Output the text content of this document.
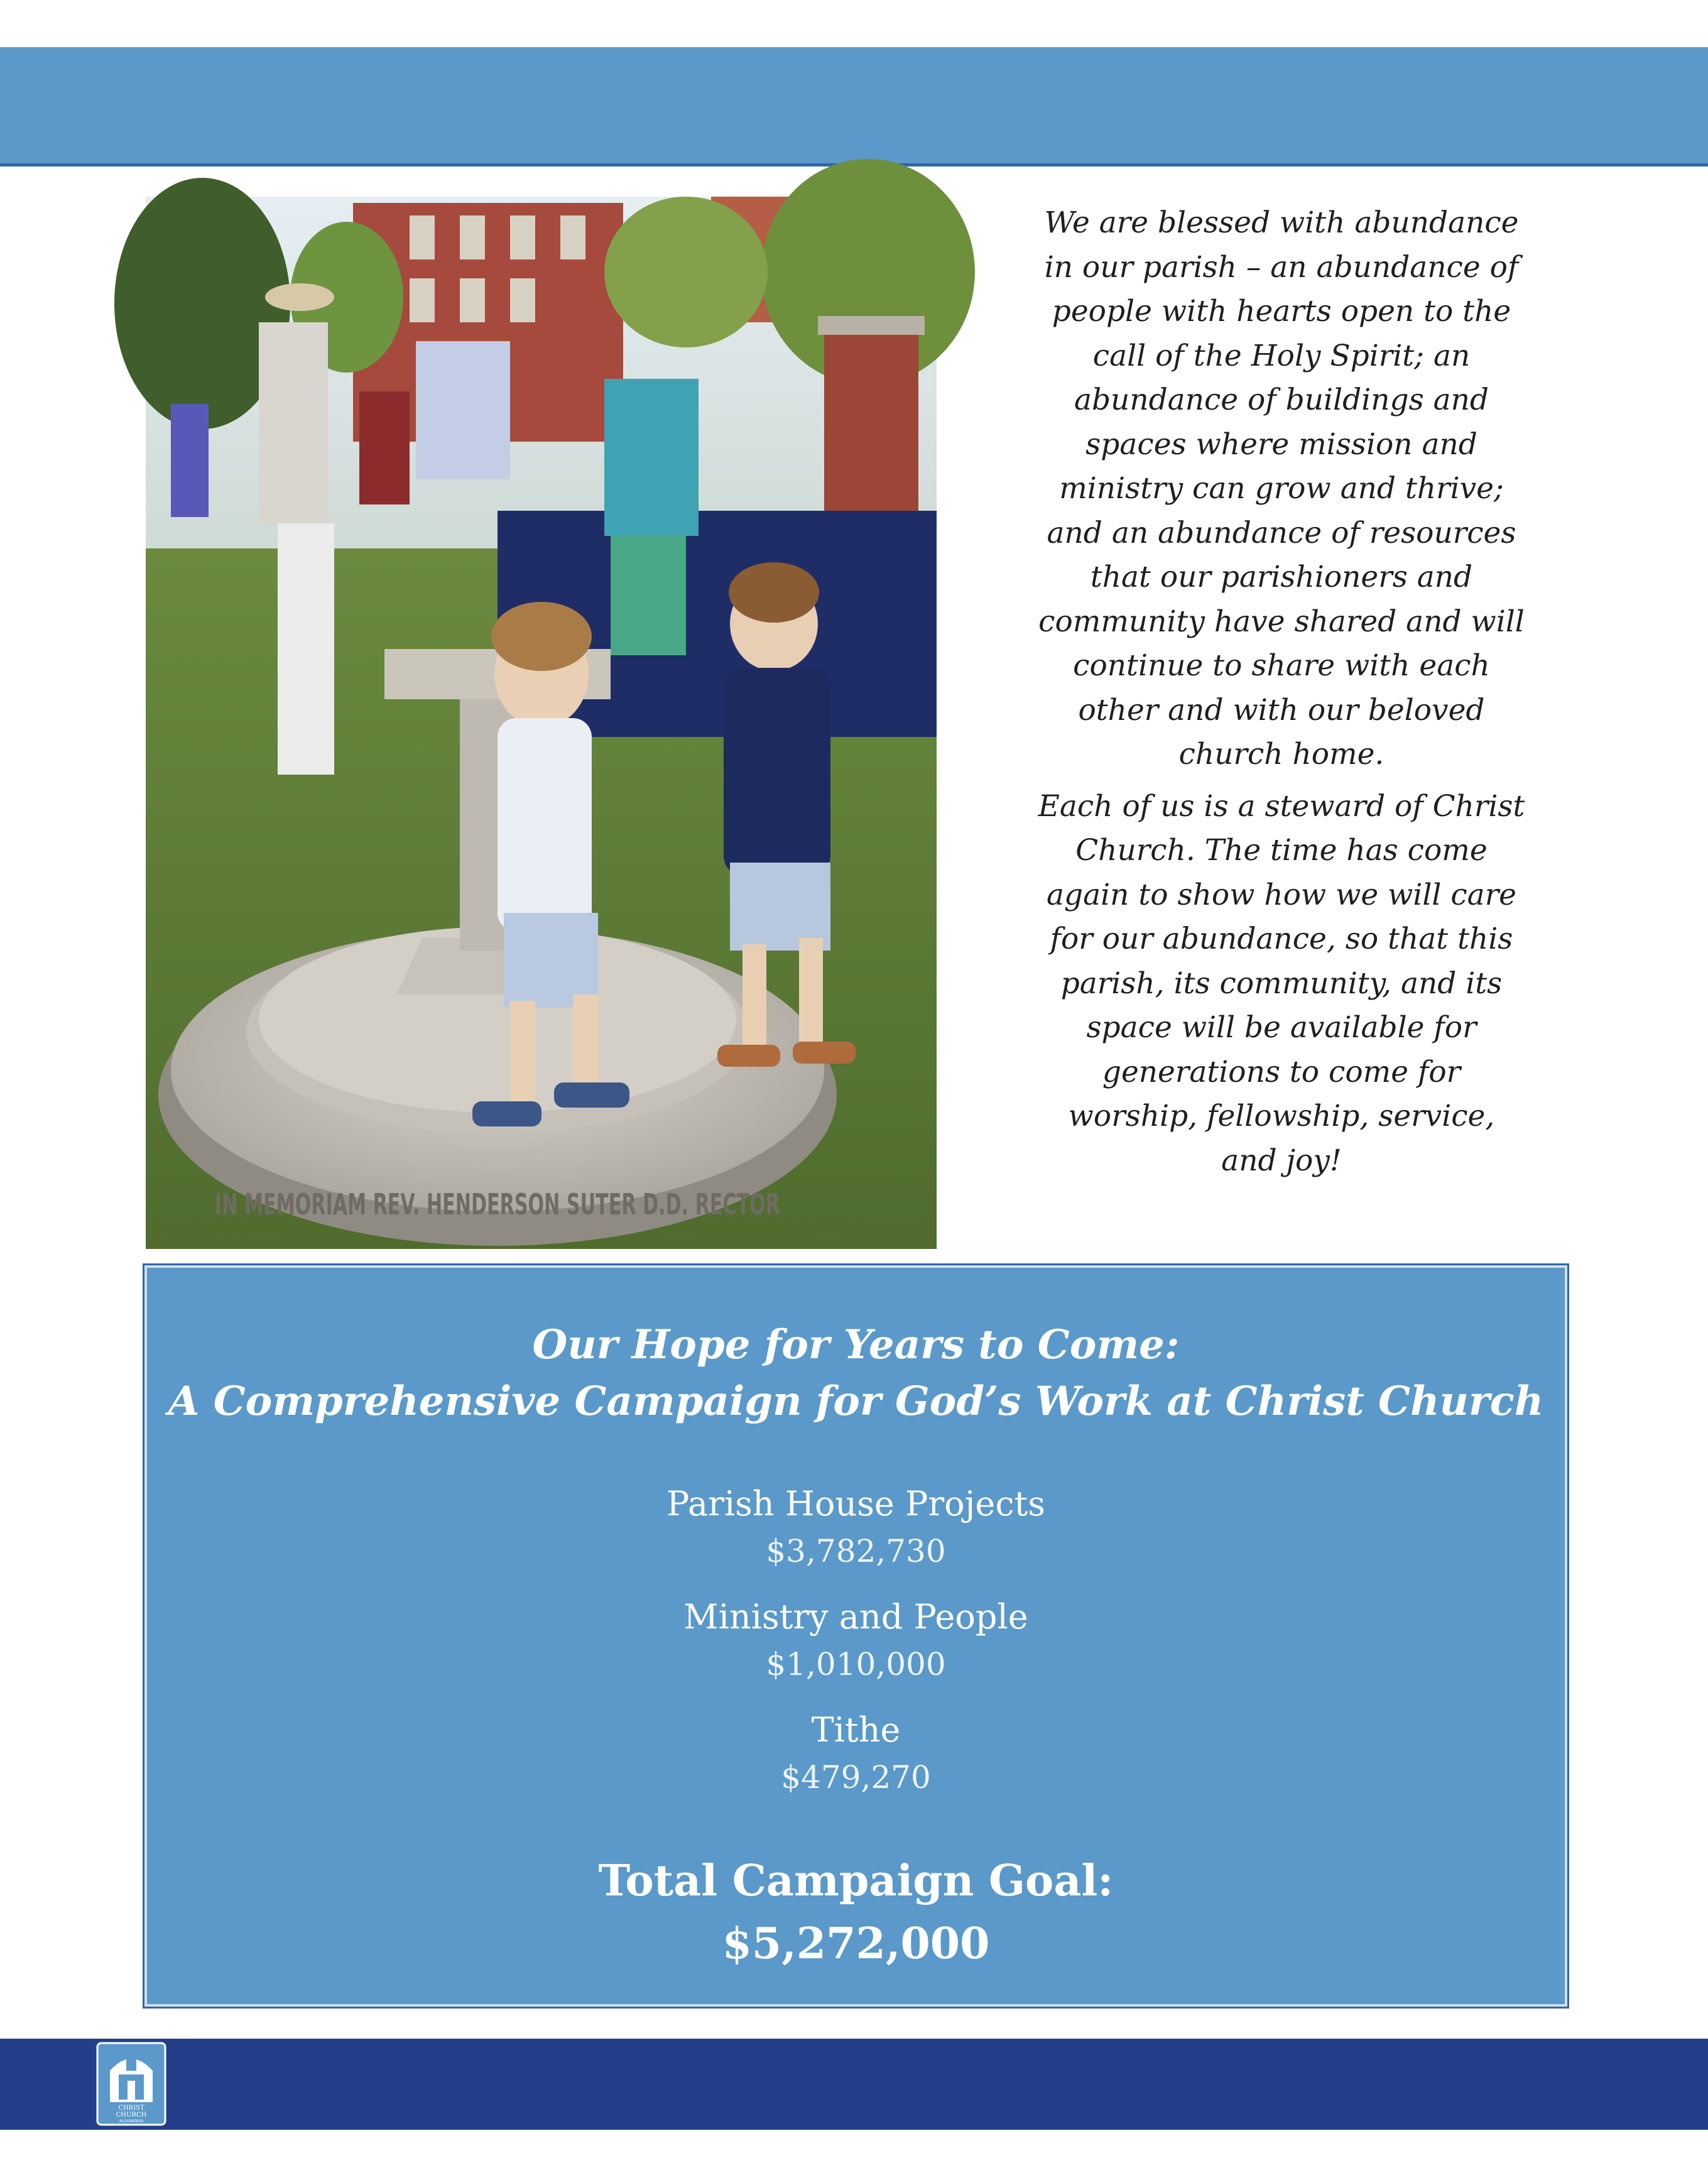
IN MEMORIAM REV. HENDERSON SUTER D.D. RECTOR

We are blessed with abundance in our parish – an abundance of people with hearts open to the call of the Holy Spirit; an abundance of buildings and spaces where mission and ministry can grow and thrive; and an abundance of resources that our parishioners and community have shared and will continue to share with each other and with our beloved church home.

Each of us is a steward of Christ Church. The time has come again to show how we will care for our abundance, so that this parish, its community, and its space will be available for generations to come for worship, fellowship, service, and joy!

Our Hope for Years to Come:
A Comprehensive Campaign for God’s Work at Christ Church
Parish House Projects
$3,782,730
Ministry and People
$1,010,000
Tithe
$479,270
Total Campaign Goal:
$5,272,000
CHRIST
CHURCH
ALEXANDRIA
